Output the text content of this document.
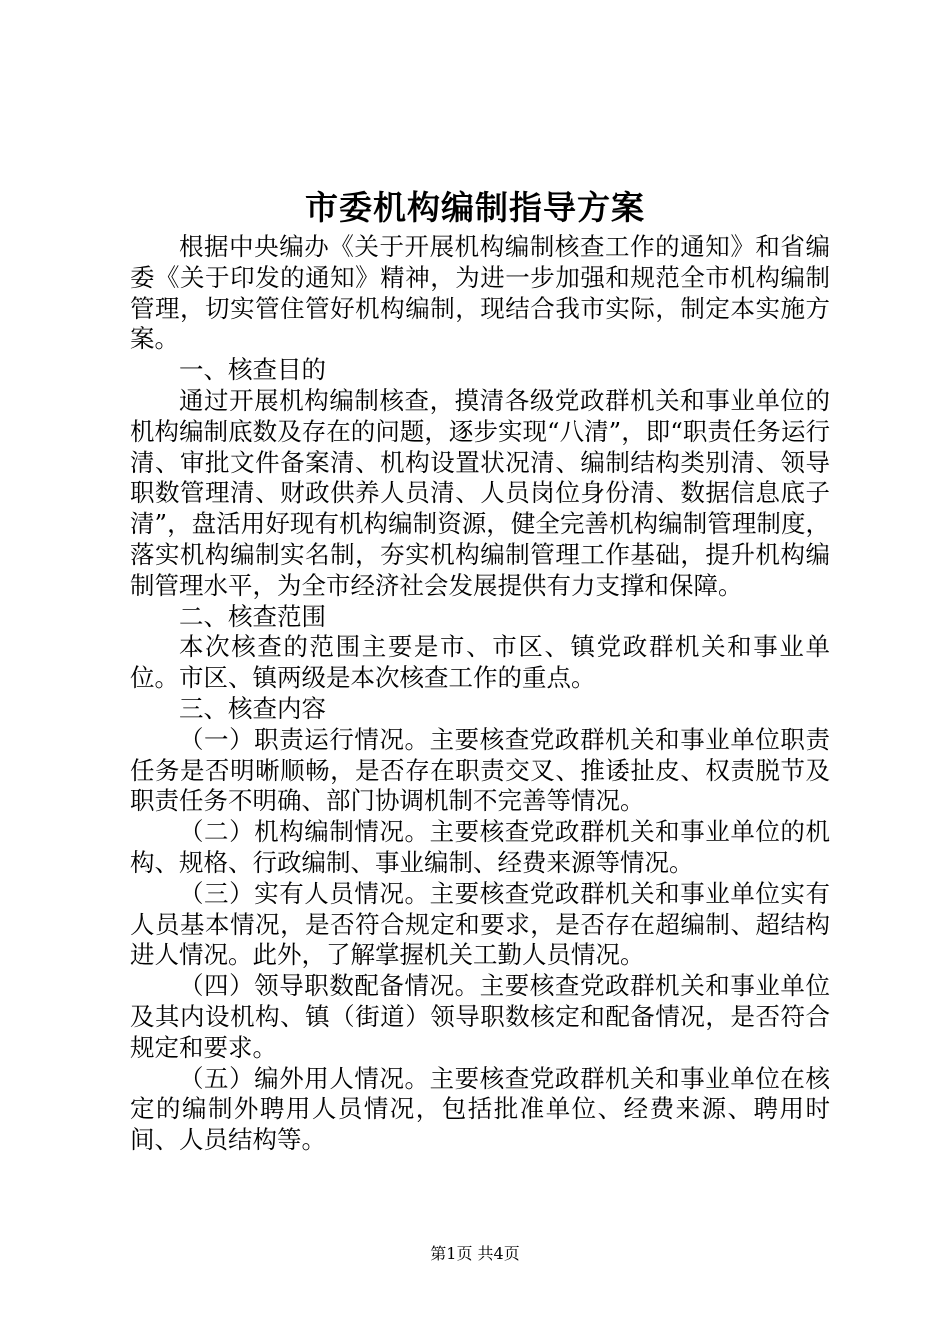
市委机构编制指导方案

根据中央编办《关于开展机构编制核查工作的通知》和省编委《关于印发的通知》精神，为进一步加强和规范全市机构编制管理，切实管住管好机构编制，现结合我市实际，制定本实施方案。

一、核查目的

通过开展机构编制核查，摸清各级党政群机关和事业单位的机构编制底数及存在的问题，逐步实现“八清”，即“职责任务运行清、审批文件备案清、机构设置状况清、编制结构类别清、领导职数管理清、财政供养人员清、人员岗位身份清、数据信息底子清”，盘活用好现有机构编制资源，健全完善机构编制管理制度，落实机构编制实名制，夯实机构编制管理工作基础，提升机构编制管理水平，为全市经济社会发展提供有力支撑和保障。

二、核查范围

本次核查的范围主要是市、市区、镇党政群机关和事业单位。市区、镇两级是本次核查工作的重点。

三、核查内容

（一）职责运行情况。主要核查党政群机关和事业单位职责任务是否明晰顺畅，是否存在职责交叉、推诿扯皮、权责脱节及职责任务不明确、部门协调机制不完善等情况。

（二）机构编制情况。主要核查党政群机关和事业单位的机构、规格、行政编制、事业编制、经费来源等情况。

（三）实有人员情况。主要核查党政群机关和事业单位实有人员基本情况，是否符合规定和要求，是否存在超编制、超结构进人情况。此外，了解掌握机关工勤人员情况。

（四）领导职数配备情况。主要核查党政群机关和事业单位及其内设机构、镇（街道）领导职数核定和配备情况，是否符合规定和要求。

（五）编外用人情况。主要核查党政群机关和事业单位在核定的编制外聘用人员情况，包括批准单位、经费来源、聘用时间、人员结构等。

第1页 共4页
